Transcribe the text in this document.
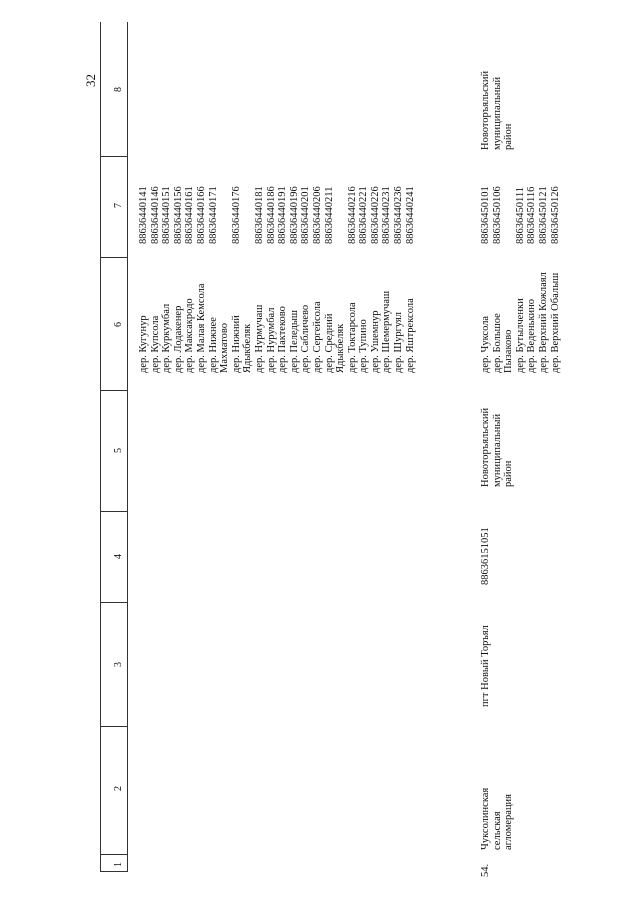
32
1
2
3
4
5
6
7
8
дер. Кугунур дер. Купсола дер. Куркумбал дер. Лодакенер дер. Максакродо дер. Малая Кемсола дер. Нижнее Махматово дер. Нижний Ядыкбеляк дер. Нурмучаш дер. Нурумбал дер. Пактеково дер. Пеледыш дер. Сабличево дер. Сергейсола дер. Средний Ядыкбеляк дер. Токтарсола дер. Тупино дер. Ушемнур дер. Шемермучаш дер. Шургуял дер. Яштрексола
88636440141 88636440146 88636440151 88636440156 88636440161 88636440166 88636440171 88636440176 88636440181 88636440186 88636440191 88636440196 88636440201 88636440206 88636440211 88636440216 88636440221 88636440226 88636440231 88636440236 88636440241
54.
Чуксолинская сельская агломерация
пгт Новый Торъял
88636151051
Новоторъяльский муниципальный район
дер. Чуксола дер. Большое Пызаково дер. Бутылченки дер. Веденькино дер. Верхний Кожлаял дер. Верхний Обалыш
88636450101 88636450106 88636450111 88636450116 88636450121 88636450126
Новоторъяльский муниципальный район
